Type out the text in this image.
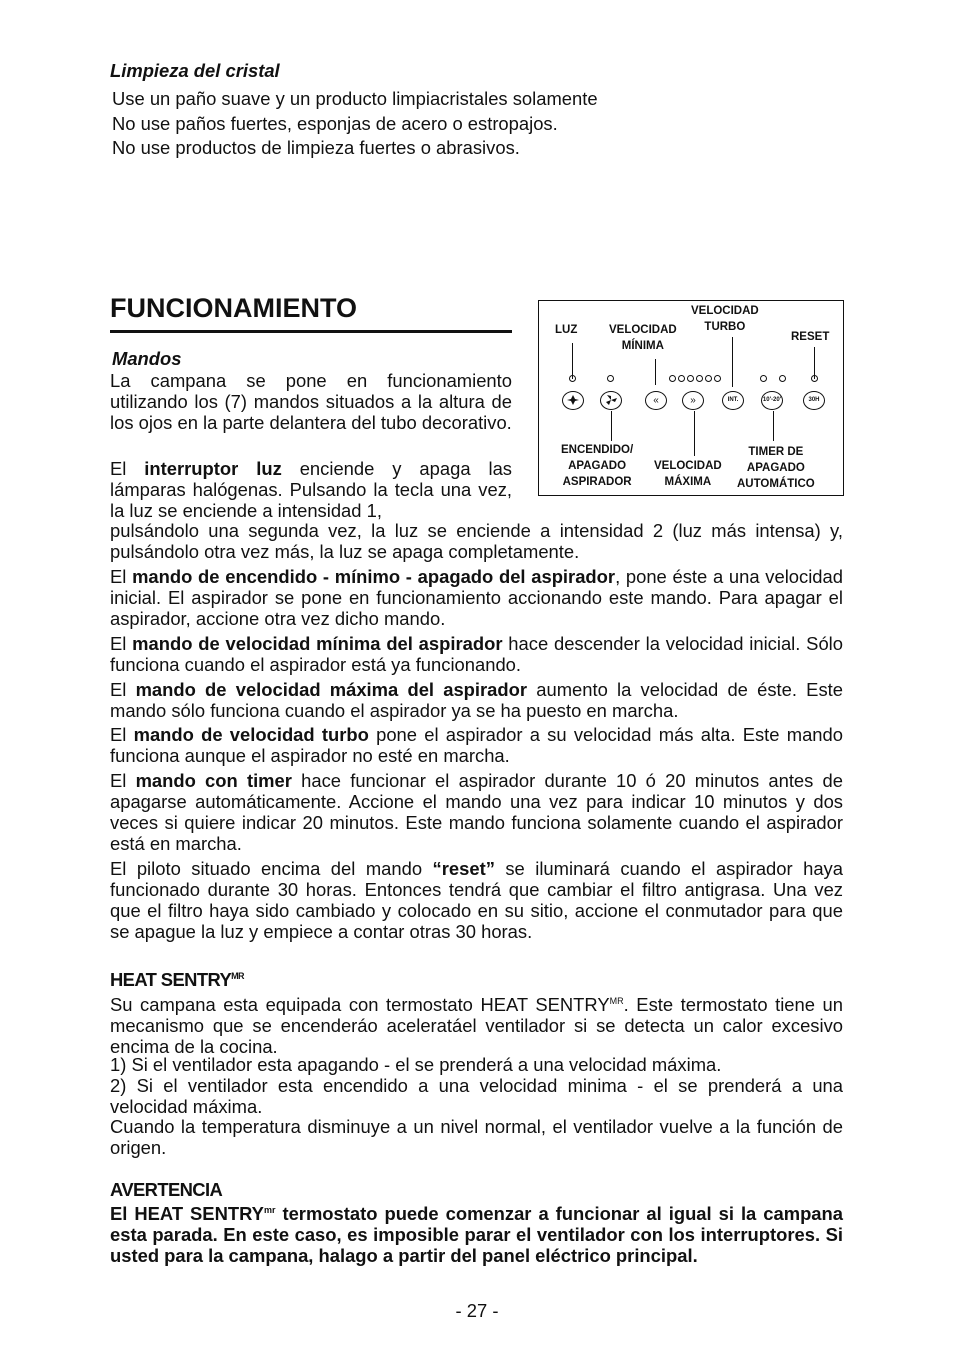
Limpieza del cristal
Use un paño suave y un producto limpiacristales solamente
No use paños fuertes, esponjas de acero o estropajos.
No use productos de limpieza fuertes o abrasivos.
FUNCIONAMIENTO
Mandos

La campana se pone en funcionamiento utilizando los (7) mandos situados a la altura de los ojos en la parte delantera del tubo decorativo.

El interruptor luz enciende y apaga las lámparas halógenas. Pulsando la tecla una vez, la luz se enciende a intensidad 1,

pulsándolo una segunda vez, la luz se enciende a intensidad 2 (luz más intensa) y, pulsándolo otra vez más, la luz se apaga completamente.

LUZ	VELOCIDAD
MÍNIMA
VELOCIDAD
TURBO
RESET
«	»	INT.	10'-20'	30H
ENCENDIDO/
APAGADO
ASPIRADOR
VELOCIDAD
MÁXIMA
TIMER DE
APAGADO
AUTOMÁTICO

El mando de encendido - mínimo - apagado del aspirador, pone éste a una velocidad inicial. El aspirador se pone en funcionamiento accionando este mando. Para apagar el aspirador, accione otra vez dicho mando.

El mando de velocidad mínima del aspirador hace descender la velocidad inicial. Sólo funciona cuando el aspirador está ya funcionando.

El mando de velocidad máxima del aspirador aumento la velocidad de éste. Este mando sólo funciona cuando el aspirador ya se ha puesto en marcha.

El mando de velocidad turbo pone el aspirador a su velocidad más alta. Este mando funciona aunque el aspirador no esté en marcha.

El mando con timer hace funcionar el aspirador durante 10 ó 20 minutos antes de apagarse automáticamente. Accione el mando una vez para indicar 10 minutos y dos veces si quiere indicar 20 minutos. Este mando funciona solamente cuando el aspirador está en marcha.

El piloto situado encima del mando “reset” se iluminará cuando el aspirador haya funcionado durante 30 horas. Entonces tendrá que cambiar el filtro antigrasa. Una vez que el filtro haya sido cambiado y colocado en su sitio, accione el conmutador para que se apague la luz y empiece a contar otras 30 horas.

HEAT $SENTRY^{MR}$

Su campana esta equipada con termostato HEAT $SENTRY^{MR}$. Este termostato tiene un mecanismo que se encenderáo aceleratáel ventilador si se detecta un calor excesivo encima de la cocina.

1) Si el ventilador esta apagando - el se prenderá a una velocidad máxima.

2) Si el ventilador esta encendido a una velocidad minima - el se prenderá a una velocidad máxima.

Cuando la temperatura disminuye a un nivel normal, el ventilador vuelve a la función de origen.

AVERTENCIA

El HEAT $SENTRY^{mr}$ termostato puede comenzar a funcionar al igual si la campana esta parada. En este caso, es imposible parar el ventilador con los interruptores. Si usted para la campana, halago a partir del panel eléctrico principal.

- 27 -
